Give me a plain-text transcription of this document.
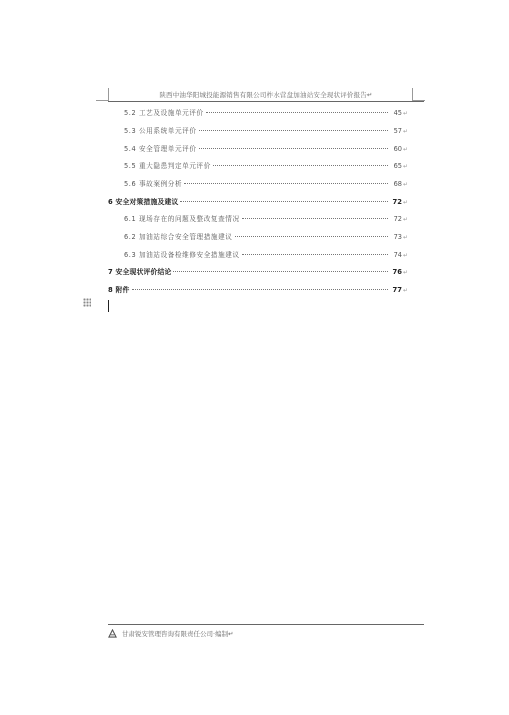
陕西中油华阳城投能源销售有限公司柞水营盘加油站安全现状评价报告↵
5.2 工艺及设施单元评价	45 ↵
5.3 公用系统单元评价	57 ↵
5.4 安全管理单元评价	60 ↵
5.5 重大隐患判定单元评价	65 ↵
5.6 事故案例分析	68 ↵
6 安全对策措施及建议	72 ↵
6.1 现场存在的问题及整改复查情况	72 ↵
6.2 加油站综合安全管理措施建议	73 ↵
6.3 加油站设备检维修安全措施建议	74 ↵
7 安全现状评价结论	76 ↵
8 附件	77 ↵
甘肃锐安管理咨询有限责任公司·编制↵
